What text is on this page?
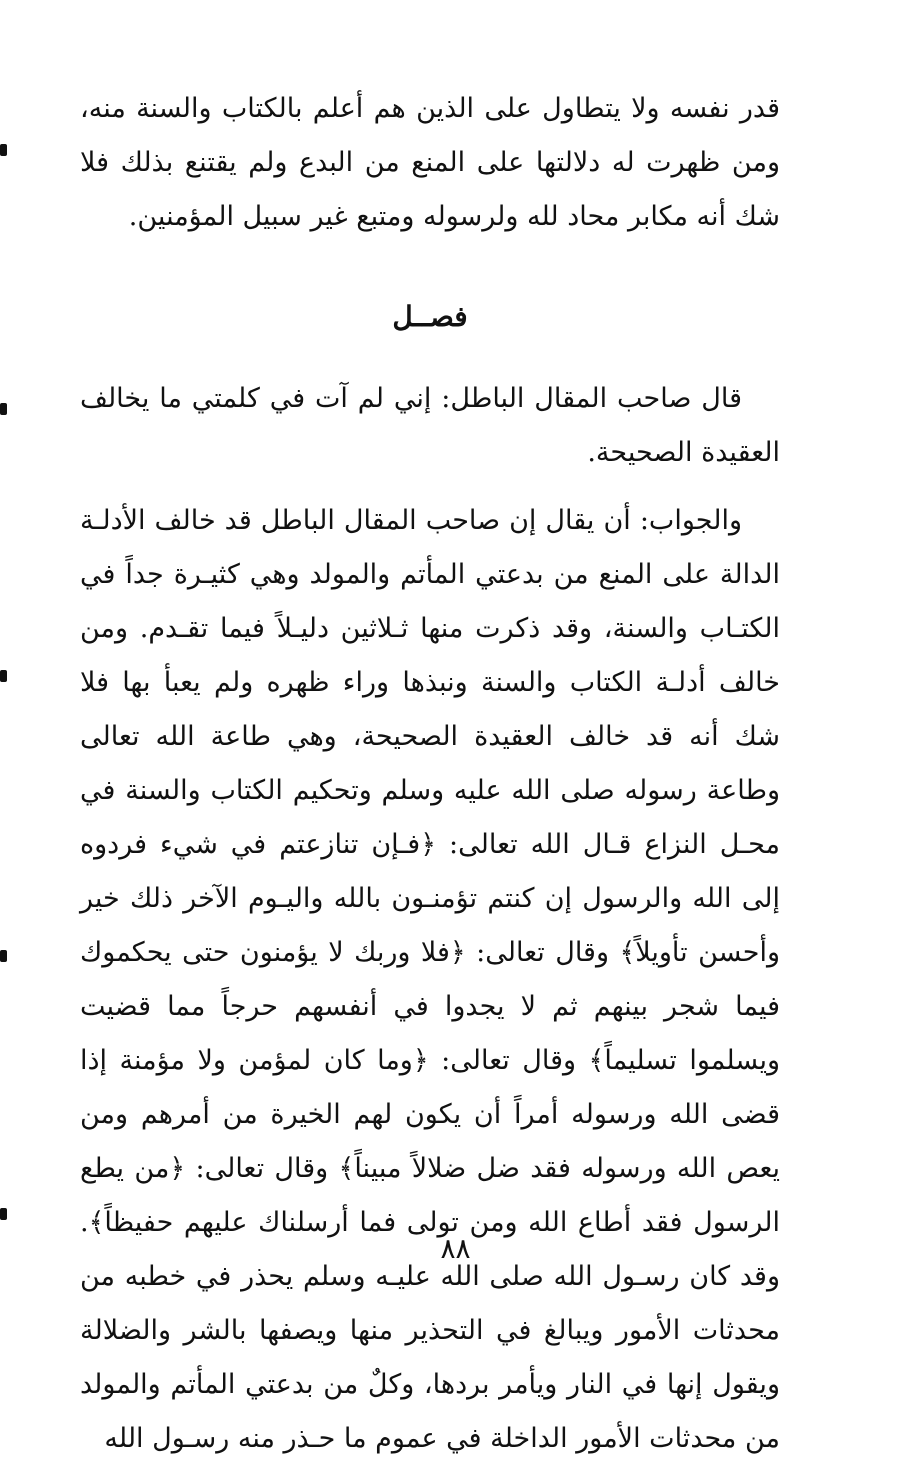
قدر نفسه ولا يتطاول على الذين هم أعلم بالكتاب والسنة منه، ومن ظهرت له دلالتها على المنع من البدع ولم يقتنع بذلك فلا شك أنه مكابر محاد لله ولرسوله ومتبع غير سبيل المؤمنين.

فصــل

قال صاحب المقال الباطل: إني لم آت في كلمتي ما يخالف العقيدة الصحيحة.

والجواب: أن يقال إن صاحب المقال الباطل قد خالف الأدلـة الدالة على المنع من بدعتي المأتم والمولد وهي كثيـرة جداً في الكتـاب والسنة، وقد ذكرت منها ثـلاثين دليـلاً فيما تقـدم. ومن خالف أدلـة الكتاب والسنة ونبذها وراء ظهره ولم يعبأ بها فلا شك أنه قد خالف العقيدة الصحيحة، وهي طاعة الله تعالى وطاعة رسوله صلى الله عليه وسلم وتحكيم الكتاب والسنة في محـل النزاع قـال الله تعالى: ﴿فـإن تنازعتم في شيء فردوه إلى الله والرسول إن كنتم تؤمنـون بالله واليـوم الآخر ذلك خير وأحسن تأويلاً﴾ وقال تعالى: ﴿فلا وربك لا يؤمنون حتى يحكموك فيما شجر بينهم ثم لا يجدوا في أنفسهم حرجاً مما قضيت ويسلموا تسليماً﴾ وقال تعالى: ﴿وما كان لمؤمن ولا مؤمنة إذا قضى الله ورسوله أمراً أن يكون لهم الخيرة من أمرهم ومن يعص الله ورسوله فقد ضل ضلالاً مبيناً﴾ وقال تعالى: ﴿من يطع الرسول فقد أطاع الله ومن تولى فما أرسلناك عليهم حفيظاً﴾. وقد كان رسـول الله صلى الله عليـه وسلم يحذر في خطبه من محدثات الأمور ويبالغ في التحذير منها ويصفها بالشر والضلالة ويقول إنها في النار ويأمر بردها، وكلٌ من بدعتي المأتم والمولد من محدثات الأمور الداخلة في عموم ما حـذر منه رسـول الله

٨٨
